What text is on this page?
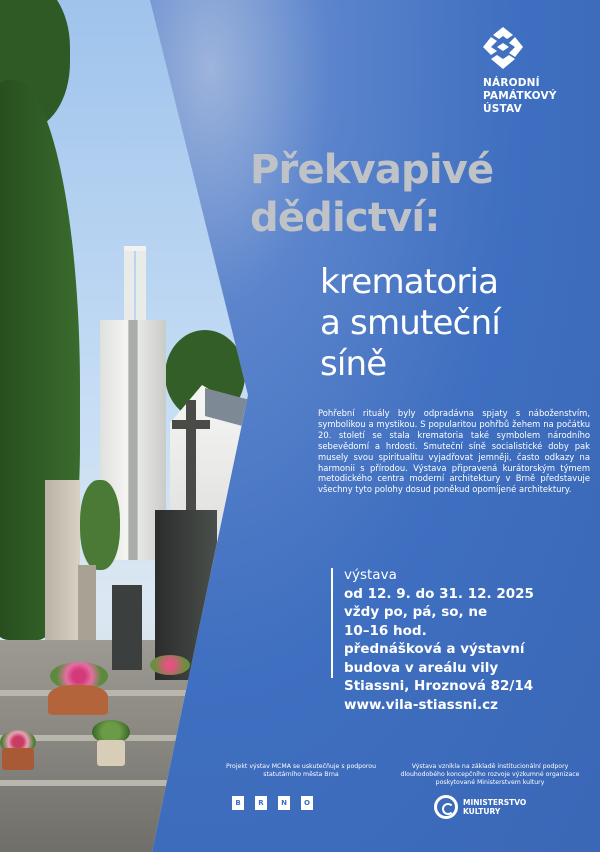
NÁRODNÍ
PAMÁTKOVÝ
ÚSTAV
Překvapivé
dědictví:
krematoria
a smuteční
síně
Pohřební rituály byly odpradávna spjaty s náboženstvím, symbolikou a mystikou. S popularitou pohřbů žehem na počátku 20. století se stala krematoria také symbolem národního sebevědomí a hrdosti. Smuteční síně socialistické doby pak musely svou spiritualitu vyjadřovat jemněji, často odkazy na harmonii s přírodou. Výstava připravená kurátorským týmem metodického centra moderní architektury v Brně představuje všechny tyto polohy dosud poněkud opomíjené architektury.
výstava
od 12. 9. do 31. 12. 2025
vždy po, pá, so, ne
10–16 hod.
přednášková a výstavní
budova v areálu vily
Stiassni, Hroznová 82/14
www.vila-stiassni.cz
Projekt výstav MCMA se uskutečňuje s podporou statutárního města Brna
B	R	N	O
Výstava vznikla na základě institucionální podpory dlouhodobého koncepčního rozvoje výzkumné organizace poskytované Ministerstvem kultury
MINISTERSTVO
KULTURY
